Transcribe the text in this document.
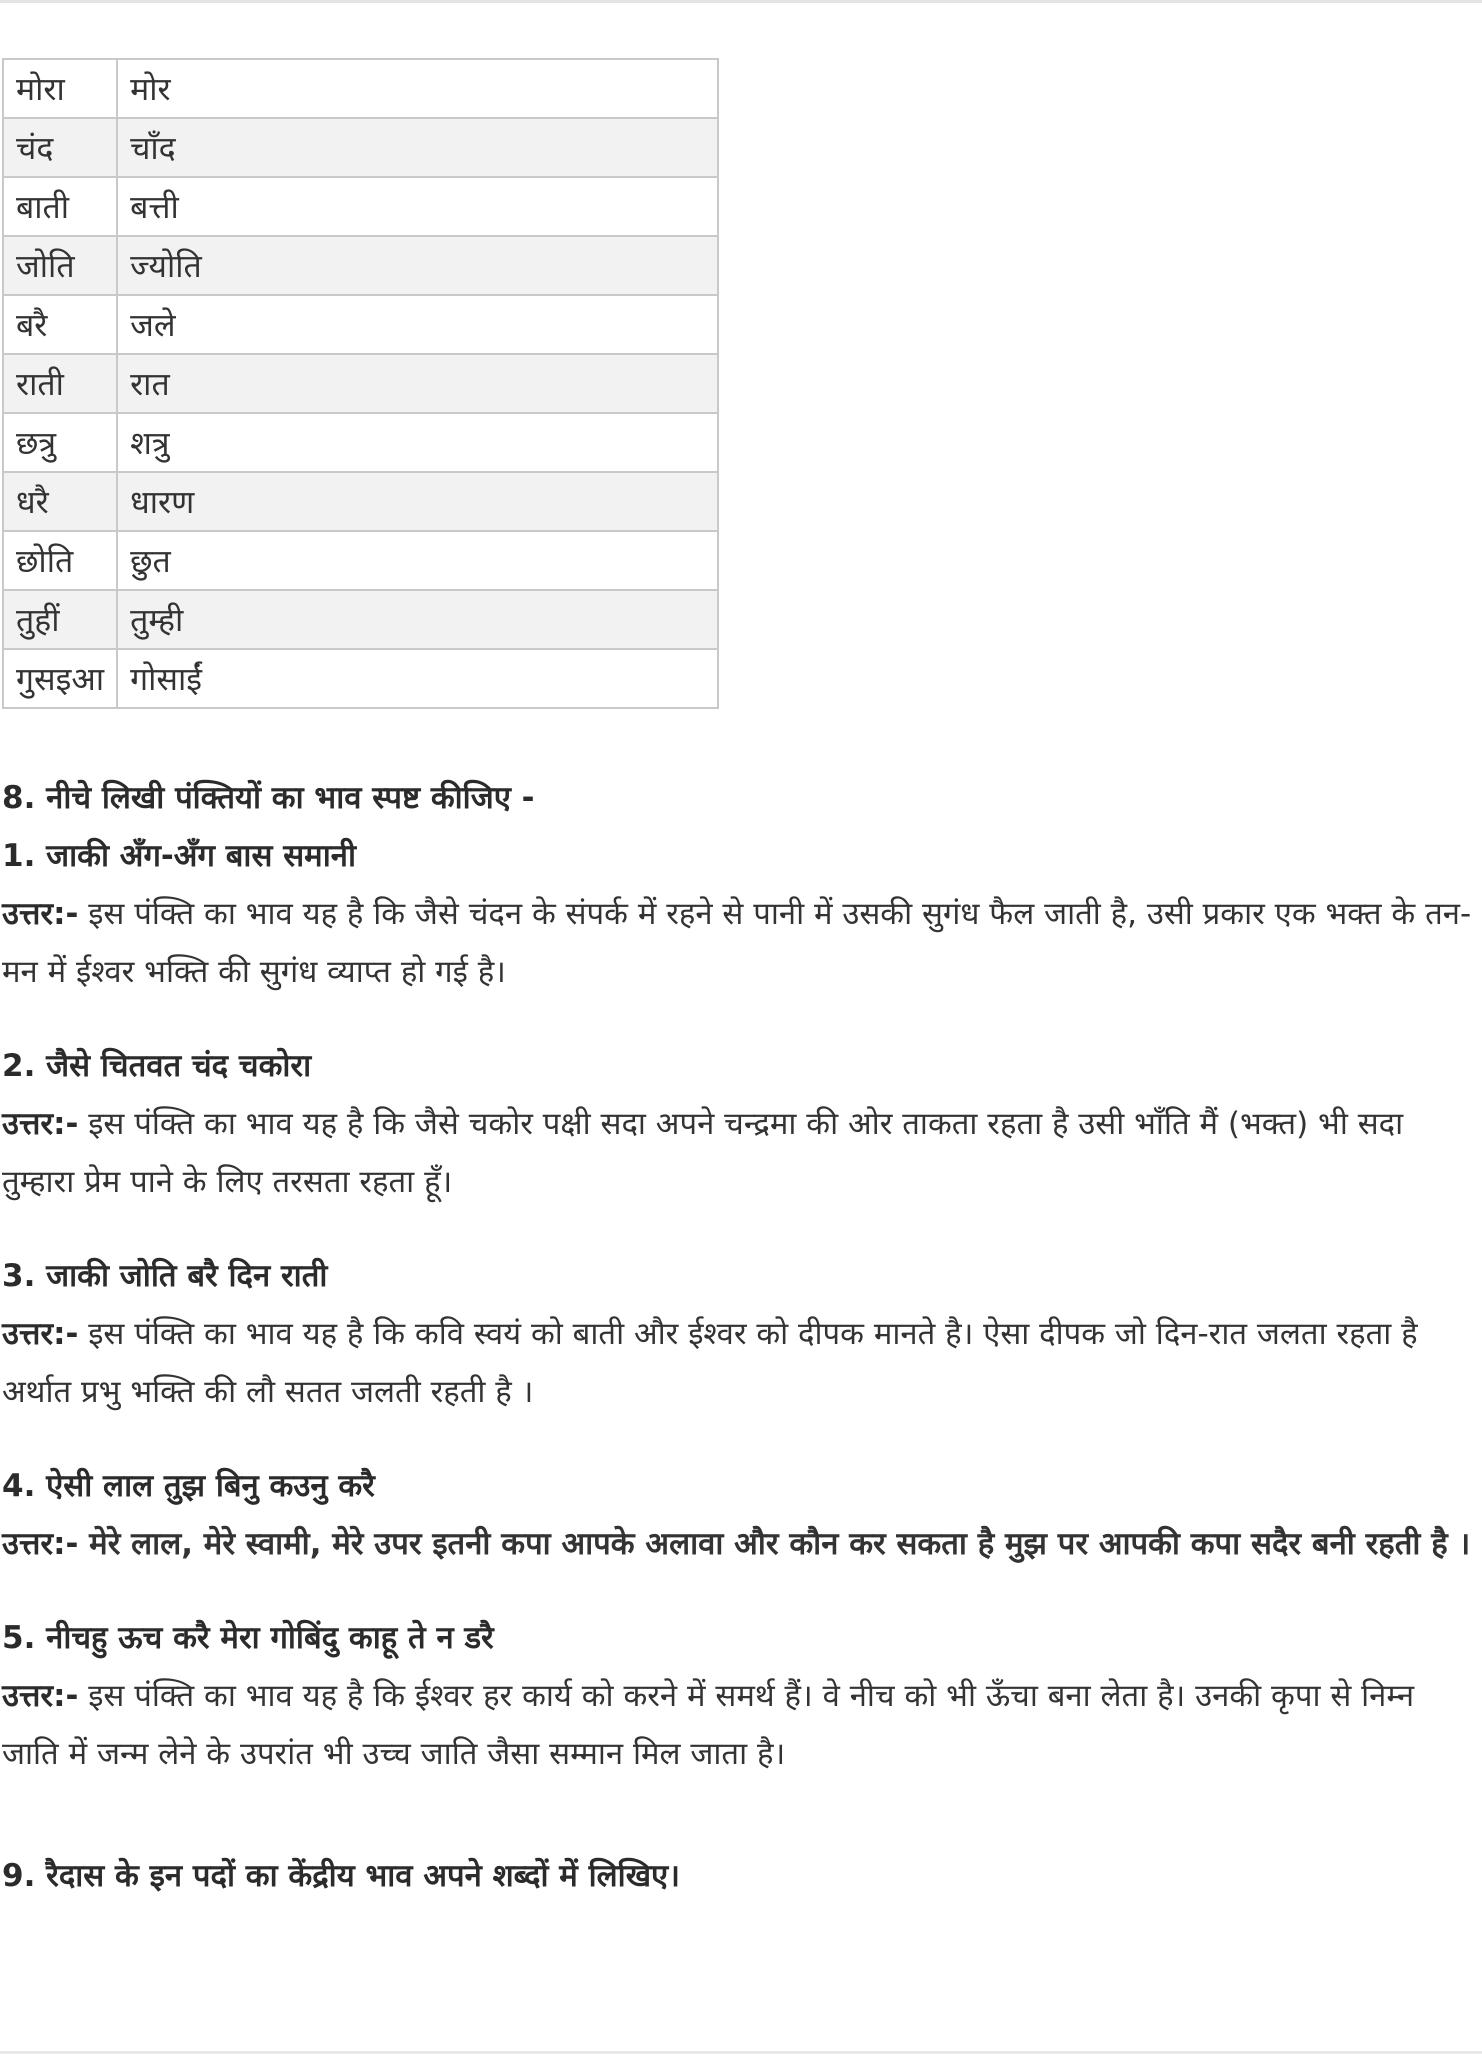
मोरा	मोर
चंद	चाँद
बाती	बत्ती
जोति	ज्योति
बरै	जले
राती	रात
छत्रु	शत्रु
धरै	धारण
छोति	छुत
तुहीं	तुम्ही
गुसइआ	गोसाईं
8. नीचे लिखी पंक्तियों का भाव स्पष्ट कीजिए -
1. जाकी अँग-अँग बास समानी
उत्तर:- इस पंक्ति का भाव यह है कि जैसे चंदन के संपर्क में रहने से पानी में उसकी सुगंध फैल जाती है, उसी प्रकार एक भक्त के तन-मन में ईश्वर भक्ति की सुगंध व्याप्त हो गई है।
2. जैसे चितवत चंद चकोरा
उत्तर:- इस पंक्ति का भाव यह है कि जैसे चकोर पक्षी सदा अपने चन्द्रमा की ओर ताकता रहता है उसी भाँति मैं (भक्त) भी सदा तुम्हारा प्रेम पाने के लिए तरसता रहता हूँ।
3. जाकी जोति बरै दिन राती
उत्तर:- इस पंक्ति का भाव यह है कि कवि स्वयं को बाती और ईश्वर को दीपक मानते है। ऐसा दीपक जो दिन-रात जलता रहता है अर्थात प्रभु भक्ति की लौ सतत जलती रहती है ।
4. ऐसी लाल तुझ बिनु कउनु करै
उत्तर:- मेरे लाल, मेरे स्वामी, मेरे उपर इतनी कपा आपके अलावा और कौन कर सकता है मुझ पर आपकी कपा सदैर बनी रहती है ।
5. नीचहु ऊच करै मेरा गोबिंदु काहू ते न डरै
उत्तर:- इस पंक्ति का भाव यह है कि ईश्वर हर कार्य को करने में समर्थ हैं। वे नीच को भी ऊँचा बना लेता है। उनकी कृपा से निम्न जाति में जन्म लेने के उपरांत भी उच्च जाति जैसा सम्मान मिल जाता है।
9. रैदास के इन पदों का केंद्रीय भाव अपने शब्दों में लिखिए।
